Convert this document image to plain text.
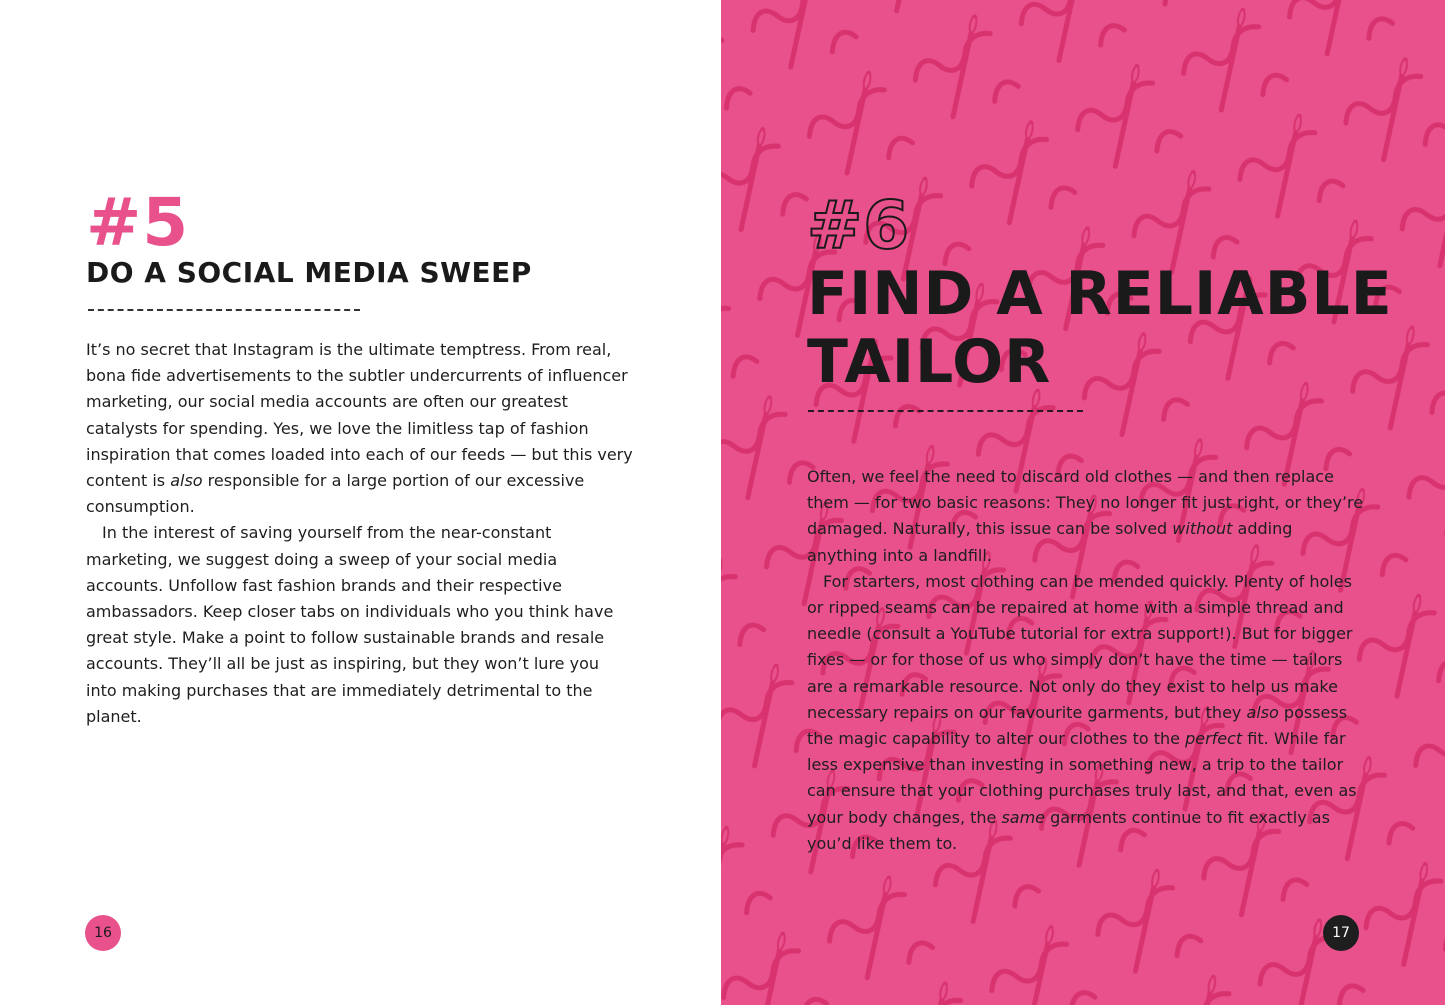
#5
DO A SOCIAL MEDIA SWEEP

It’s no secret that Instagram is the ultimate temptress. From real, bona fide advertisements to the subtler undercurrents of influencer marketing, our social media accounts are often our greatest catalysts for spending. Yes, we love the limitless tap of fashion inspiration that comes loaded into each of our feeds — but this very content is also responsible for a large portion of our excessive consumption.

In the interest of saving yourself from the near-constant marketing, we suggest doing a sweep of your social media accounts. Unfollow fast fashion brands and their respective ambassadors. Keep closer tabs on individuals who you think have great style. Make a point to follow sustainable brands and resale accounts. They’ll all be just as inspiring, but they won’t lure you into making purchases that are immediately detrimental to the planet.

16
#6
FIND A RELIABLE
TAILOR

Often, we feel the need to discard old clothes — and then replace them — for two basic reasons: They no longer fit just right, or they’re damaged. Naturally, this issue can be solved without adding anything into a landfill.

For starters, most clothing can be mended quickly. Plenty of holes or ripped seams can be repaired at home with a simple thread and needle (consult a YouTube tutorial for extra support!). But for bigger fixes — or for those of us who simply don’t have the time — tailors are a remarkable resource. Not only do they exist to help us make necessary repairs on our favourite garments, but they also possess the magic capability to alter our clothes to the perfect fit. While far less expensive than investing in something new, a trip to the tailor can ensure that your clothing purchases truly last, and that, even as your body changes, the same garments continue to fit exactly as you’d like them to.

17
